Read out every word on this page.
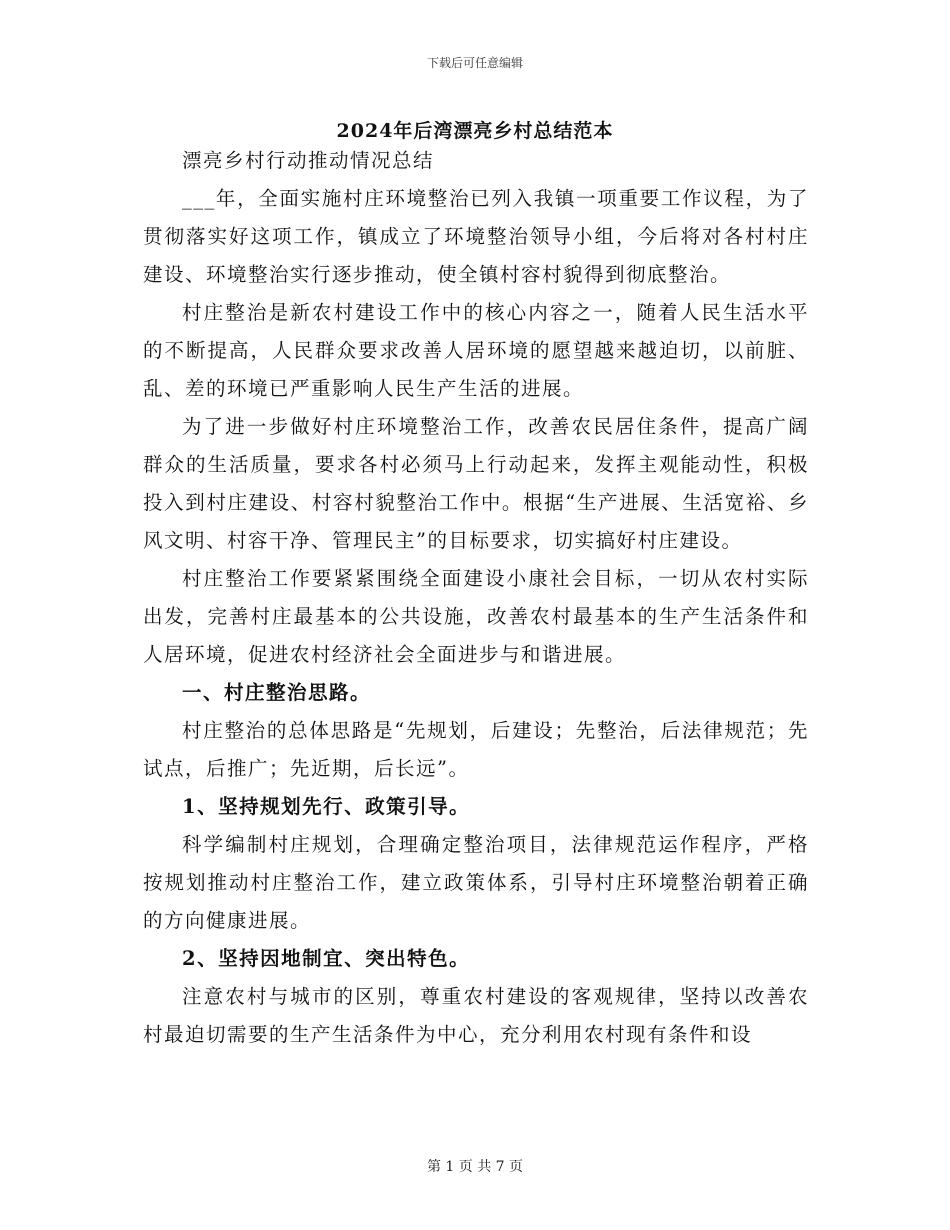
下载后可任意编辑
2024年后湾漂亮乡村总结范本

漂亮乡村行动推动情况总结

___年，全面实施村庄环境整治已列入我镇一项重要工作议程，为了贯彻落实好这项工作，镇成立了环境整治领导小组，今后将对各村村庄建设、环境整治实行逐步推动，使全镇村容村貌得到彻底整治。

村庄整治是新农村建设工作中的核心内容之一，随着人民生活水平的不断提高，人民群众要求改善人居环境的愿望越来越迫切，以前脏、乱、差的环境已严重影响人民生产生活的进展。

为了进一步做好村庄环境整治工作，改善农民居住条件，提高广阔群众的生活质量，要求各村必须马上行动起来，发挥主观能动性，积极投入到村庄建设、村容村貌整治工作中。根据“生产进展、生活宽裕、乡风文明、村容干净、管理民主”的目标要求，切实搞好村庄建设。

村庄整治工作要紧紧围绕全面建设小康社会目标，一切从农村实际出发，完善村庄最基本的公共设施，改善农村最基本的生产生活条件和人居环境，促进农村经济社会全面进步与和谐进展。

一、村庄整治思路。

村庄整治的总体思路是“先规划，后建设；先整治，后法律规范；先试点，后推广；先近期，后长远”。

1、坚持规划先行、政策引导。

科学编制村庄规划，合理确定整治项目，法律规范运作程序，严格按规划推动村庄整治工作，建立政策体系，引导村庄环境整治朝着正确的方向健康进展。

2、坚持因地制宜、突出特色。

注意农村与城市的区别，尊重农村建设的客观规律，坚持以改善农村最迫切需要的生产生活条件为中心，充分利用农村现有条件和设

第 1 页 共 7 页
